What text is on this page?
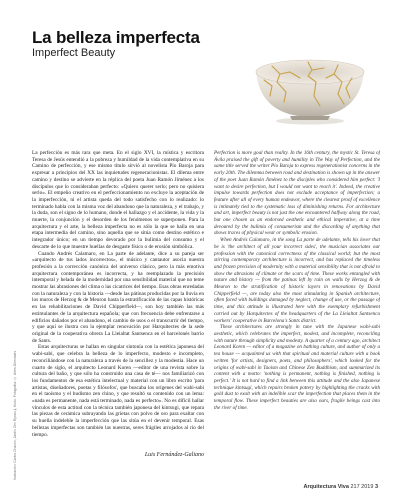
La belleza imperfecta
Imperfect Beauty
Ilustración: Carlos Chacón, Jardín Zen Ryoan-ji, Kioto. Fotografía: © Artes Orientales

La perfección es más rara que meta. En el siglo XVI, la mística y escritora Teresa de Jesús entendió a la pobreza y humildad de la vida contemplativa en su Camino de perfección, y ese mismo título sirvió al novelista Pío Baroja para expresar a principios del XX las inquietudes regeneracionistas. El dilema entre camino y destino se advierte en la réplica del poeta Juan Ramón Jiménez a los discípulos que lo consideraban perfecto: «Quiero querer serlo; pero no quisiera serlo». El empeño creativo en el perfeccionamiento no excluye la aceptación de la imperfección, ni el artista queda del todo satisfecho con lo realizado: lo terminado habla con la misma voz del abandono que la naturaleza, y el trabajo, y la duda, son el signo de lo humano, donde el hallazgo y el accidente, la vida y la muerte, la conjunción y el desorden de los fenómenos se superponen. Para la arquitectura y el arte, la belleza imperfecta no es sólo la que se halla en una etapa intermedia del camino, sino aquella que se sitúa como destino estético e integrador único; en un tiempo devorado por la bulimia del consumo y el descarte de lo que muestre huellas de desgaste físico o de erosión simbólica.

Cuando Andrés Calamaro, en La parte de adelante, dice a su pareja ser «arquitecto de tus lados incorrectos», el músico y cantautor asocia nuestra profesión a la corrección canónica del universo clásico, pero la más emotiva arquitectura contemporánea es incorrecta, y ha reemplazado la precisión intemporal y helada de la modernidad por una sensibilidad material que no teme mostrar las abrasiones del clima o las cicatrices del tiempo. Esas obras enredadas con la naturaleza y con la historia —desde las pátinas producidas por la lluvia en los muros de Herzog & de Meuron hasta la estratificación de las capas históricas en las rehabilitaciones de David Chipperfield—, son hoy también las más estimulantes de la arquitectura española; que con frecuencia debe enfrentarse a edificios dañados por el abandono, el cambio de usos o el transcurrir del tiempo, y que aquí se ilustra con la ejemplar renovación por Harquitectes de la sede original de la cooperativa obrera La Lleialtat Santsenca en el barcelonés barrio de Sants.

Estas arquitecturas se hallan en singular sintonía con la estética japonesa del wabi-sabi, que celebra la belleza de lo imperfecto, modesto e incompleto, reconciliándose con la naturaleza a través de la sencillez y la modestia. Hace un cuarto de siglo, el arquitecto Leonard Koren —editor de una revista sobre la cultura del baño, y que sólo ha construido una casa de té— nos familiarizó con los fundamentos de esa estética intelectual y material con un libro escrito 'para artistas, diseñadores, poetas y filósofos', que buscaba los orígenes del wabi-sabi en el taoísmo y el budismo zen chino, y que resultó su contenido con un lema: «nada es permanente, nada está terminado, nada es perfecto». No es difícil hallar vínculos de esta actitud con la técnica también japonesa del kintsugi, que repara las piezas de cerámica subrayando las grietas con polvo de oro para exaltar con su huella indeleble la imperfección que las sitúa en el devenir temporal. Esas bellezas imperfectas son también las nuestras, seres frágiles arrojados al río del tiempo.

Luis Fernández-Galiano

Perfection is more goal than reality. In the 16th century, the mystic St. Teresa of Ávila praised the gift of poverty and humility in The Way of Perfection, and the same title served the writer Pío Baroja to express regenerationist concerns in the early 20th. The dilemma between road and destination is shown up in the answer of the poet Juan Ramón Jiménez to the disciples who considered him perfect: 'I want to desire perfection, but I would not want to reach it'. Indeed, the creative impulse towards perfection does not exclude acceptance of imperfection; a feature after all of every human endeavor, where the clearest proof of excellence is intimately tied to the systematic loss of diminishing returns. For architecture and art, imperfect beauty is not just the one encountered halfway along the road, but one chosen as an endorsed aesthetic and ethical imperative, at a time devoured by the bulimia of consumerism and the discarding of anything that shows traces of physical wear or symbolic erosion.

When Andrés Calamaro, in the song La parte de adelante, tells his lover that he is 'the architect of all your incorrect sides', the musician associates our profession with the canonical correctness of the classical world; but the most stirring contemporary architecture is incorrect, and has replaced the timeless and frozen precision of modernity with a material sensibility that is not afraid to show the abrasions of climate or the scars of time. These works entangled with nature and history — from the patinas left by rain on walls by Herzog & de Meuron to the stratification of historic layers in renovations by David Chipperfield —, are today also the most stimulating in Spanish architecture, often faced with buildings damaged by neglect, change of use, or the passage of time, and this attitude is illustrated here with the exemplary refurbishment carried out by Harquitectes of the headquarters of the La Lleialtat Santsenca workers' cooperative in Barcelona's Sants district.

These architectures are strongly in tune with the Japanese wabi-sabi aesthetic, which celebrates the imperfect, modest, and incomplete, reconciling with nature through simplicity and modesty. A quarter of a century ago, architect Leonard Koren — editor of a magazine on bathing culture, and author of only a tea house — acquainted us with that spiritual and material culture with a book written 'for artists, designers, poets, and philosophers', which looked for the origins of wabi-sabi in Taoism and Chinese Zen Buddhism, and summarized its content with a motto: 'nothing is permanent, nothing is finished, nothing is perfect.' It is not hard to find a link between this attitude and the also Japanese technique kintsugi, which repairs broken pottery by highlighting the cracks with gold dust to exalt with an indelible scar the imperfection that places them in the temporal flow. These imperfect beauties are also ours, fragile beings cast into the river of time.

Arquitectura Viva 217 2019 3
